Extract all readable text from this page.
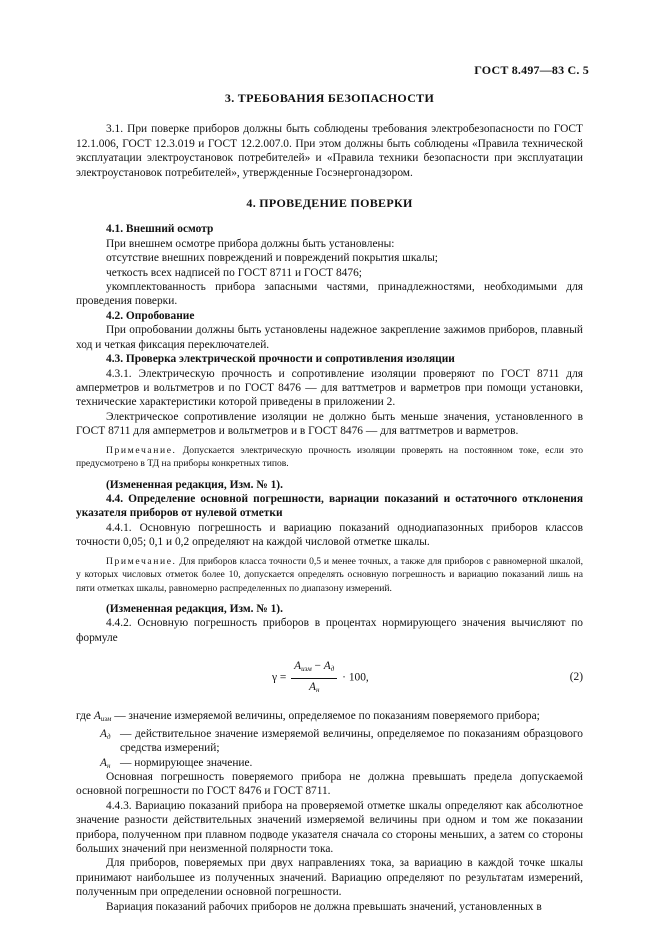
ГОСТ 8.497—83 С. 5
3. ТРЕБОВАНИЯ БЕЗОПАСНОСТИ

3.1. При поверке приборов должны быть соблюдены требования электробезопасности по ГОСТ 12.1.006, ГОСТ 12.3.019 и ГОСТ 12.2.007.0. При этом должны быть соблюдены «Правила технической эксплуатации электроустановок потребителей» и «Правила техники безопасности при эксплуатации электроустановок потребителей», утвержденные Госэнергонадзором.

4. ПРОВЕДЕНИЕ ПОВЕРКИ

4.1. Внешний осмотр

При внешнем осмотре прибора должны быть установлены:

отсутствие внешних повреждений и повреждений покрытия шкалы;

четкость всех надписей по ГОСТ 8711 и ГОСТ 8476;

укомплектованность прибора запасными частями, принадлежностями, необходимыми для проведения поверки.

4.2. Опробование

При опробовании должны быть установлены надежное закрепление зажимов приборов, плавный ход и четкая фиксация переключателей.

4.3. Проверка электрической прочности и сопротивления изоляции

4.3.1. Электрическую прочность и сопротивление изоляции проверяют по ГОСТ 8711 для амперметров и вольтметров и по ГОСТ 8476 — для ваттметров и варметров при помощи установки, технические характеристики которой приведены в приложении 2.

Электрическое сопротивление изоляции не должно быть меньше значения, установленного в ГОСТ 8711 для амперметров и вольтметров и в ГОСТ 8476 — для ваттметров и варметров.

Примечание. Допускается электрическую прочность изоляции проверять на постоянном токе, если это предусмотрено в ТД на приборы конкретных типов.

(Измененная редакция, Изм. № 1).

4.4. Определение основной погрешности, вариации показаний и остаточного отклонения указателя приборов от нулевой отметки

4.4.1. Основную погрешность и вариацию показаний однодиапазонных приборов классов точности 0,05; 0,1 и 0,2 определяют на каждой числовой отметке шкалы.

Примечание. Для приборов класса точности 0,5 и менее точных, а также для приборов с равномерной шкалой, у которых числовых отметок более 10, допускается определять основную погрешность и вариацию показаний лишь на пяти отметках шкалы, равномерно распределенных по диапазону измерений.

(Измененная редакция, Изм. № 1).

4.4.2. Основную погрешность приборов в процентах нормирующего значения вычисляют по формуле

$\gamma = \frac{A_{изм} - A_д}{A_н} \cdot 100$,	(2)

где $A_{изм}$ — значение измеряемой величины, определяемое по показаниям поверяемого прибора;

$A_д$ — действительное значение измеряемой величины, определяемое по показаниям образцового средства измерений;

$A_н$ — нормирующее значение.

Основная погрешность поверяемого прибора не должна превышать предела допускаемой основной погрешности по ГОСТ 8476 и ГОСТ 8711.

4.4.3. Вариацию показаний прибора на проверяемой отметке шкалы определяют как абсолютное значение разности действительных значений измеряемой величины при одном и том же показании прибора, полученном при плавном подводе указателя сначала со стороны меньших, а затем со стороны больших значений при неизменной полярности тока.

Для приборов, поверяемых при двух направлениях тока, за вариацию в каждой точке шкалы принимают наибольшее из полученных значений. Вариацию определяют по результатам измерений, полученным при определении основной погрешности.

Вариация показаний рабочих приборов не должна превышать значений, установленных в
